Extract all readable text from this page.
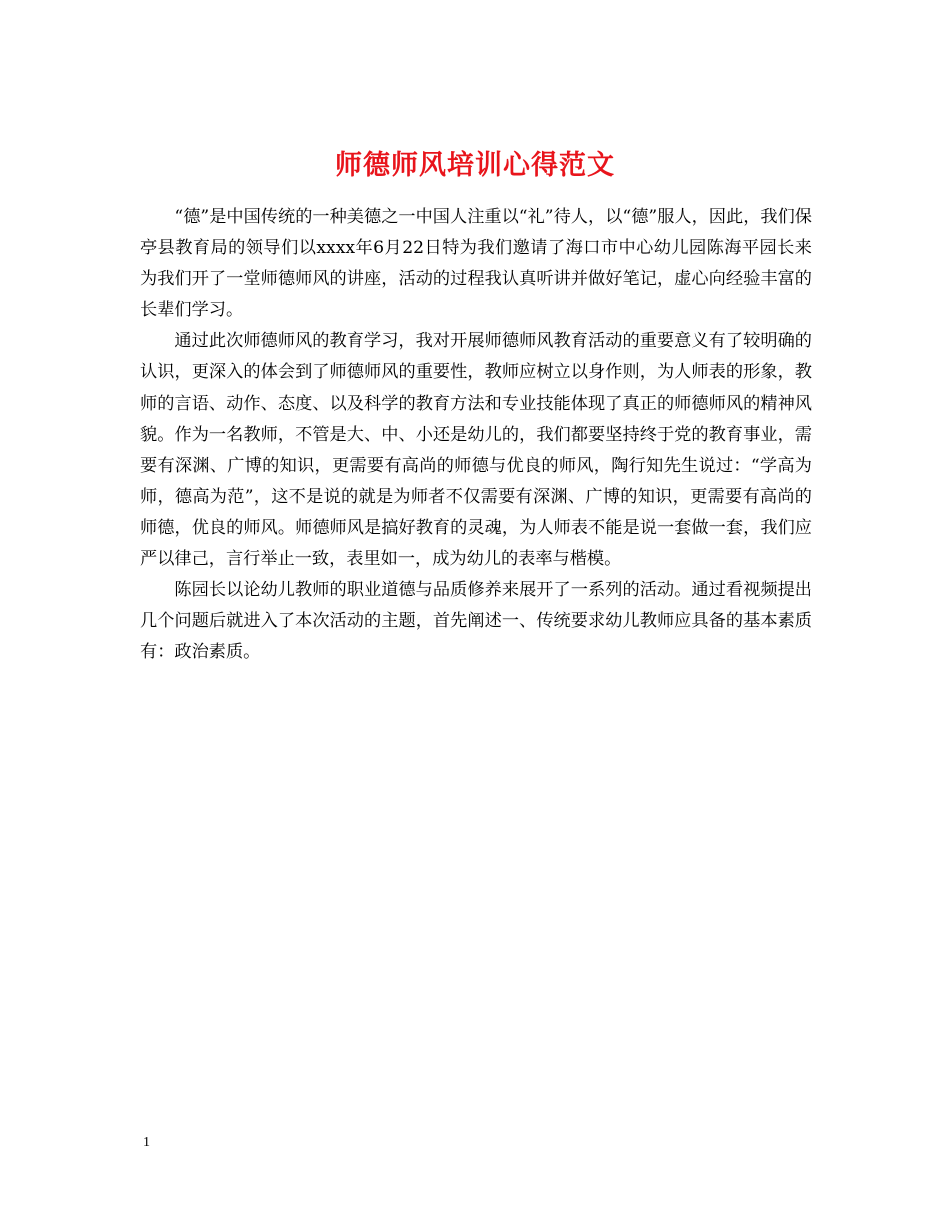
师德师风培训心得范文

“德”是中国传统的一种美德之一中国人注重以“礼”待人，以“德”服人，因此，我们保亭县教育局的领导们以xxxx年6月22日特为我们邀请了海口市中心幼儿园陈海平园长来为我们开了一堂师德师风的讲座，活动的过程我认真听讲并做好笔记，虚心向经验丰富的长辈们学习。

通过此次师德师风的教育学习，我对开展师德师风教育活动的重要意义有了较明确的认识，更深入的体会到了师德师风的重要性，教师应树立以身作则，为人师表的形象，教师的言语、动作、态度、以及科学的教育方法和专业技能体现了真正的师德师风的精神风貌。作为一名教师，不管是大、中、小还是幼儿的，我们都要坚持终于党的教育事业，需要有深渊、广博的知识，更需要有高尚的师德与优良的师风，陶行知先生说过：“学高为师，德高为范”，这不是说的就是为师者不仅需要有深渊、广博的知识，更需要有高尚的师德，优良的师风。师德师风是搞好教育的灵魂，为人师表不能是说一套做一套，我们应严以律己，言行举止一致，表里如一，成为幼儿的表率与楷模。

陈园长以论幼儿教师的职业道德与品质修养来展开了一系列的活动。通过看视频提出几个问题后就进入了本次活动的主题，首先阐述一、传统要求幼儿教师应具备的基本素质有：政治素质。

1
